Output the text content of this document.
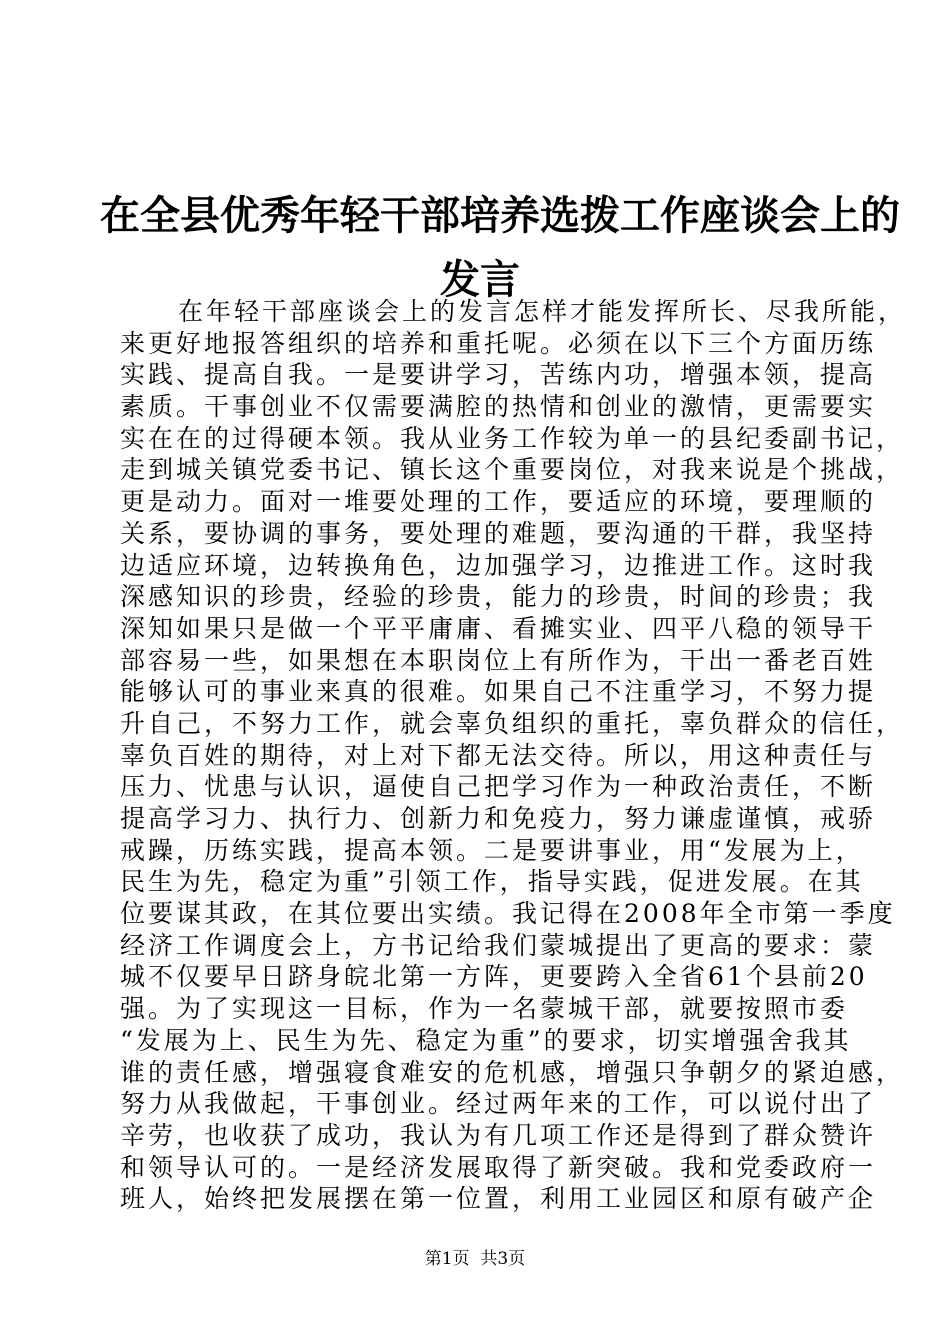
在全县优秀年轻干部培养选拨工作座谈会上的
发言
在年轻干部座谈会上的发言怎样才能发挥所长、尽我所能，
来更好地报答组织的培养和重托呢。必须在以下三个方面历练
实践、提高自我。一是要讲学习，苦练内功，增强本领，提高
素质。干事创业不仅需要满腔的热情和创业的激情，更需要实
实在在的过得硬本领。我从业务工作较为单一的县纪委副书记，
走到城关镇党委书记、镇长这个重要岗位，对我来说是个挑战，
更是动力。面对一堆要处理的工作，要适应的环境，要理顺的
关系，要协调的事务，要处理的难题，要沟通的干群，我坚持
边适应环境，边转换角色，边加强学习，边推进工作。这时我
深感知识的珍贵，经验的珍贵，能力的珍贵，时间的珍贵；我
深知如果只是做一个平平庸庸、看摊实业、四平八稳的领导干
部容易一些，如果想在本职岗位上有所作为，干出一番老百姓
能够认可的事业来真的很难。如果自己不注重学习，不努力提
升自己，不努力工作，就会辜负组织的重托，辜负群众的信任，
辜负百姓的期待，对上对下都无法交待。所以，用这种责任与
压力、忧患与认识，逼使自己把学习作为一种政治责任，不断
提高学习力、执行力、创新力和免疫力，努力谦虚谨慎，戒骄
戒躁，历练实践，提高本领。二是要讲事业，用“发展为上，
民生为先，稳定为重”引领工作，指导实践，促进发展。在其
位要谋其政，在其位要出实绩。我记得在2008年全市第一季度
经济工作调度会上，方书记给我们蒙城提出了更高的要求：蒙
城不仅要早日跻身皖北第一方阵，更要跨入全省61个县前20
强。为了实现这一目标，作为一名蒙城干部，就要按照市委
“发展为上、民生为先、稳定为重”的要求，切实增强舍我其
谁的责任感，增强寝食难安的危机感，增强只争朝夕的紧迫感，
努力从我做起，干事创业。经过两年来的工作，可以说付出了
辛劳，也收获了成功，我认为有几项工作还是得到了群众赞许
和领导认可的。一是经济发展取得了新突破。我和党委政府一
班人，始终把发展摆在第一位置，利用工业园区和原有破产企
第1页  共3页
